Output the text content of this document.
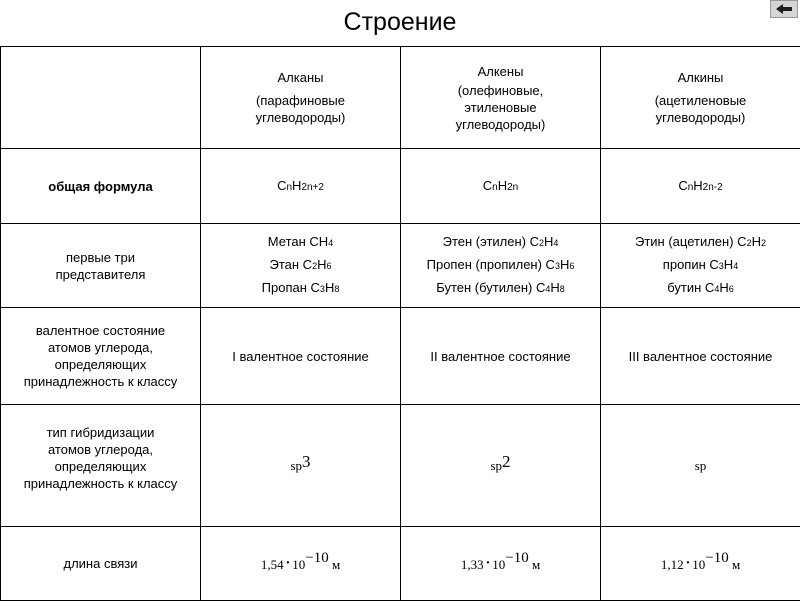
Строение

	Алканы
(парафиновые
углеводороды)	Алкены
(олефиновые,
этиленовые
углеводороды)	Алкины
(ацетиленовые
углеводороды)

общая формула	CnH2n+2	CnH2n	CnH2n-2

первые три
представителя	Метан CH4
Этан C2H6
Пропан C3H8	Этен (этилен) C2H4
Пропен (пропилен) C3H6
Бутен (бутилен) C4H8	Этин (ацетилен) C2H2
пропин C3H4
бутин C4H6

валентное состояние
атомов углерода,
определяющих
принадлежность к классу	I валентное состояние	II валентное состояние	III валентное состояние

тип гибридизации
атомов углерода,
определяющих
принадлежность к классу	$sp^3$	$sp^2$	sp
длина связи	$1,54\cdot 10^{-10}$ м	$1,33\cdot 10^{-10}$ м	$1,12\cdot 10^{-10}$ м
